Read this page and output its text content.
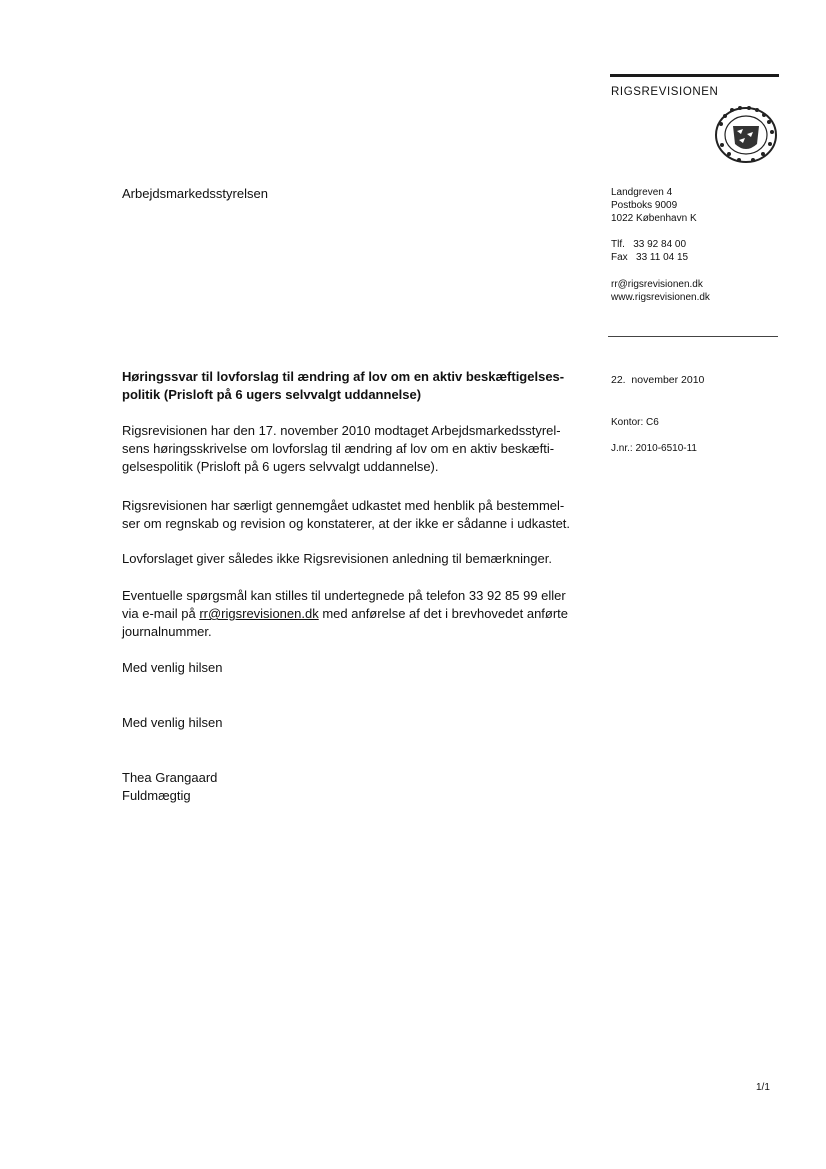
RIGSREVISIONEN
Arbejdsmarkedsstyrelsen	Landgreven 4
Postboks 9009
1022 København K
Tlf.   33 92 84 00
Fax   33 11 04 15
rr@rigsrevisionen.dk
www.rigsrevisionen.dk
22.  november 2010
Kontor: C6
J.nr.: 2010-6510-11
Høringssvar til lovforslag til ændring af lov om en aktiv beskæftigelses-
politik (Prisloft på 6 ugers selvvalgt uddannelse)
Rigsrevisionen har den 17. november 2010 modtaget Arbejdsmarkedsstyrel-
sens høringsskrivelse om lovforslag til ændring af lov om en aktiv beskæfti-
gelsespolitik (Prisloft på 6 ugers selvvalgt uddannelse).
Rigsrevisionen har særligt gennemgået udkastet med henblik på bestemmel-
ser om regnskab og revision og konstaterer, at der ikke er sådanne i udkastet.
Lovforslaget giver således ikke Rigsrevisionen anledning til bemærkninger.
Eventuelle spørgsmål kan stilles til undertegnede på telefon 33 92 85 99 eller
via e-mail på rr@rigsrevisionen.dk med anførelse af det i brevhovedet anførte
journalnummer.
Med venlig hilsen
Med venlig hilsen
Thea Grangaard
Fuldmægtig
1/1
